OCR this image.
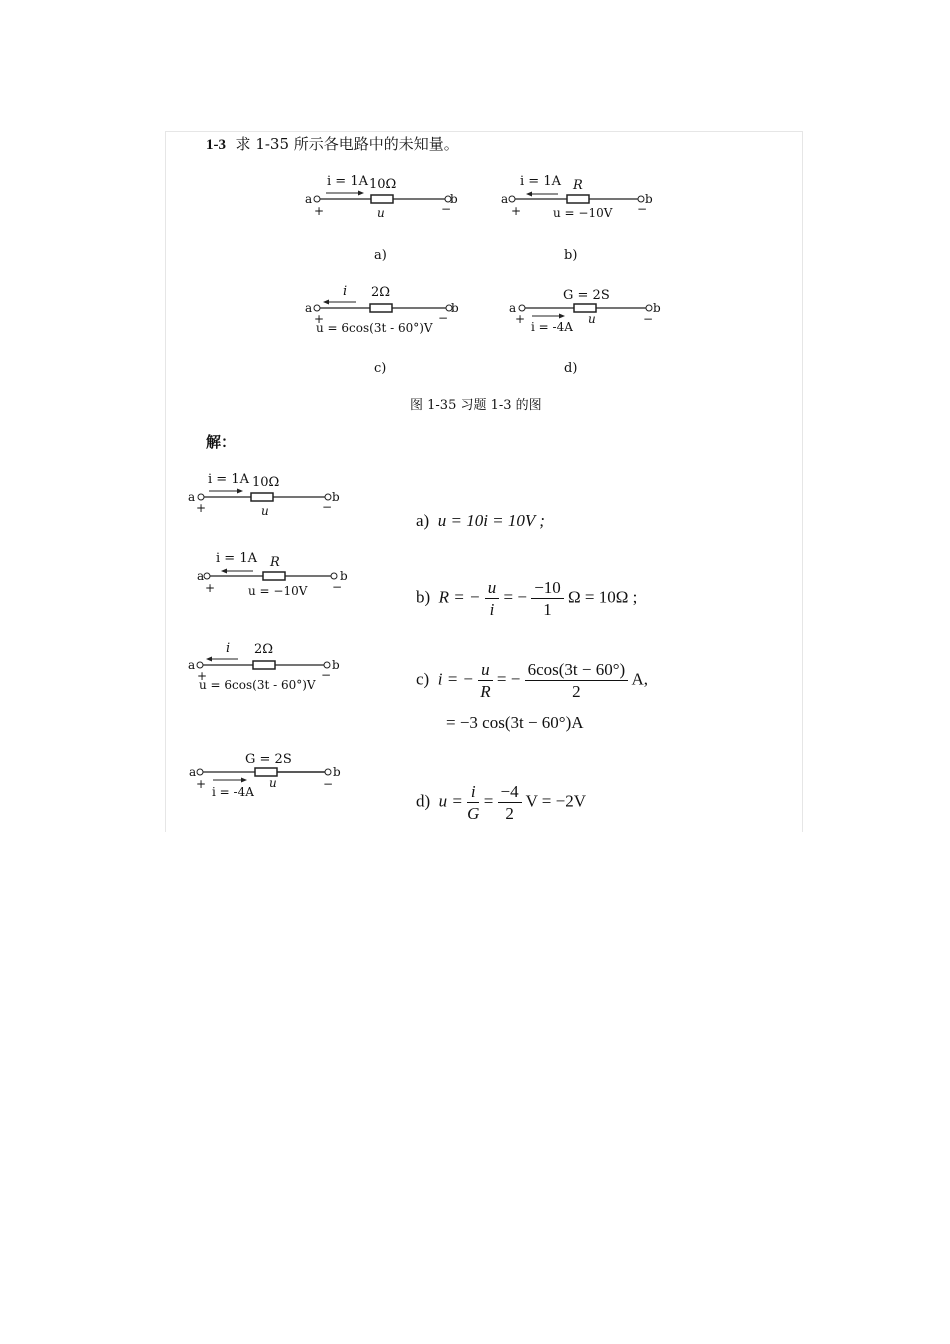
1-3 求 1-35 所示各电路中的未知量。
i = 1A 10Ω
u
a	b
+	−
a)
i = 1A R
u = −10V
a	b
+	−
b)
i 2Ω
u = 6cos(3t - 60°)V
a	b
+	−
c)
G = 2S
u
i = -4A
a	b
+	−
d)
图 1-35 习题 1-3 的图
解：
i = 1A 10Ω
u
a	b
+	−
i = 1A R
u = −10V
a	b
+	−
i 2Ω
u = 6cos(3t - 60°)V
a	b
+	−
G = 2S
u
i = -4A
a	b
+	−
a) u = 10i = 10V ;
b) R = − $\frac{u}{i}$ = − $\frac{-10}{1}$ Ω = 10Ω ;
c) i = − $\frac{u}{R}$ = − $\frac{6\cos(3t - 60^\circ)}{2} A$,
= −3 cos(3t − 60°)A
d) $u = \frac{i}{G} = \frac{-4}{2}$ V = −2V
